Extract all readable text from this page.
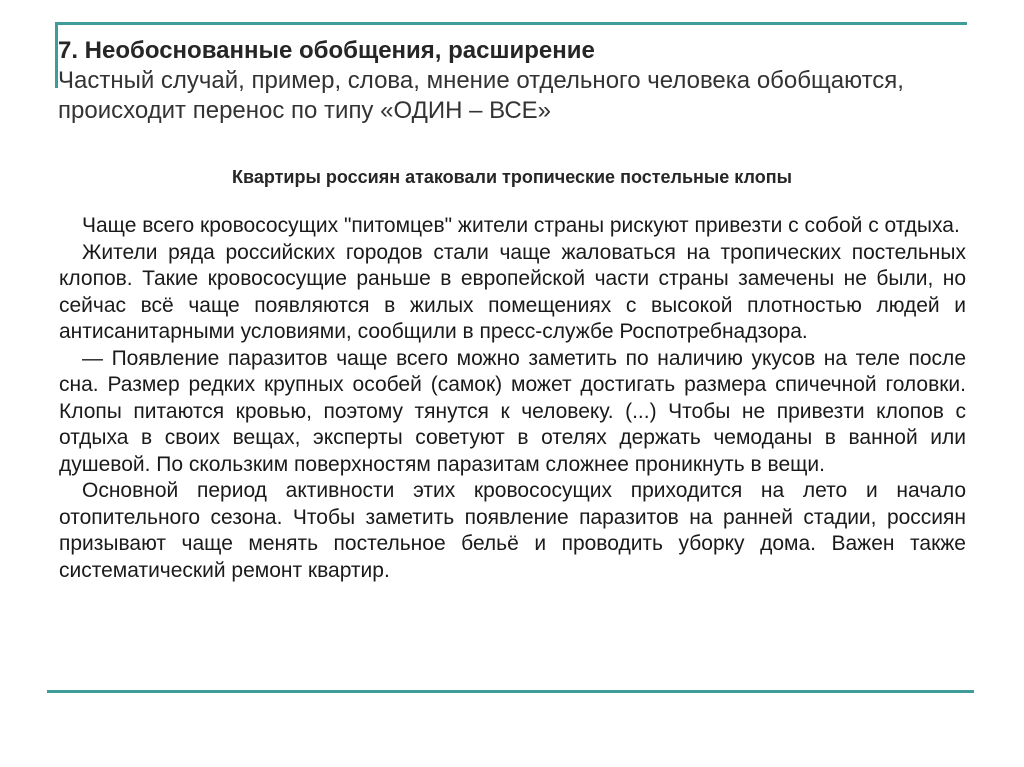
7. Необоснованные обобщения, расширение
Частный случай, пример, слова, мнение отдельного человека обобщаются, происходит перенос по типу «ОДИН – ВСЕ»
Квартиры россиян атаковали тропические постельные клопы

Чаще всего кровососущих "питомцев" жители страны рискуют привезти с собой с отдыха.

Жители ряда российских городов стали чаще жаловаться на тропических постельных клопов. Такие кровососущие раньше в европейской части страны замечены не были, но сейчас всё чаще появляются в жилых помещениях с высокой плотностью людей и антисанитарными условиями, сообщили в пресс-службе Роспотребнадзора.

— Появление паразитов чаще всего можно заметить по наличию укусов на теле после сна. Размер редких крупных особей (самок) может достигать размера спичечной головки. Клопы питаются кровью, поэтому тянутся к человеку. (...) Чтобы не привезти клопов с отдыха в своих вещах, эксперты советуют в отелях держать чемоданы в ванной или душевой. По скользким поверхностям паразитам сложнее проникнуть в вещи.

Основной период активности этих кровососущих приходится на лето и начало отопительного сезона. Чтобы заметить появление паразитов на ранней стадии, россиян призывают чаще менять постельное бельё и проводить уборку дома. Важен также систематический ремонт квартир.
